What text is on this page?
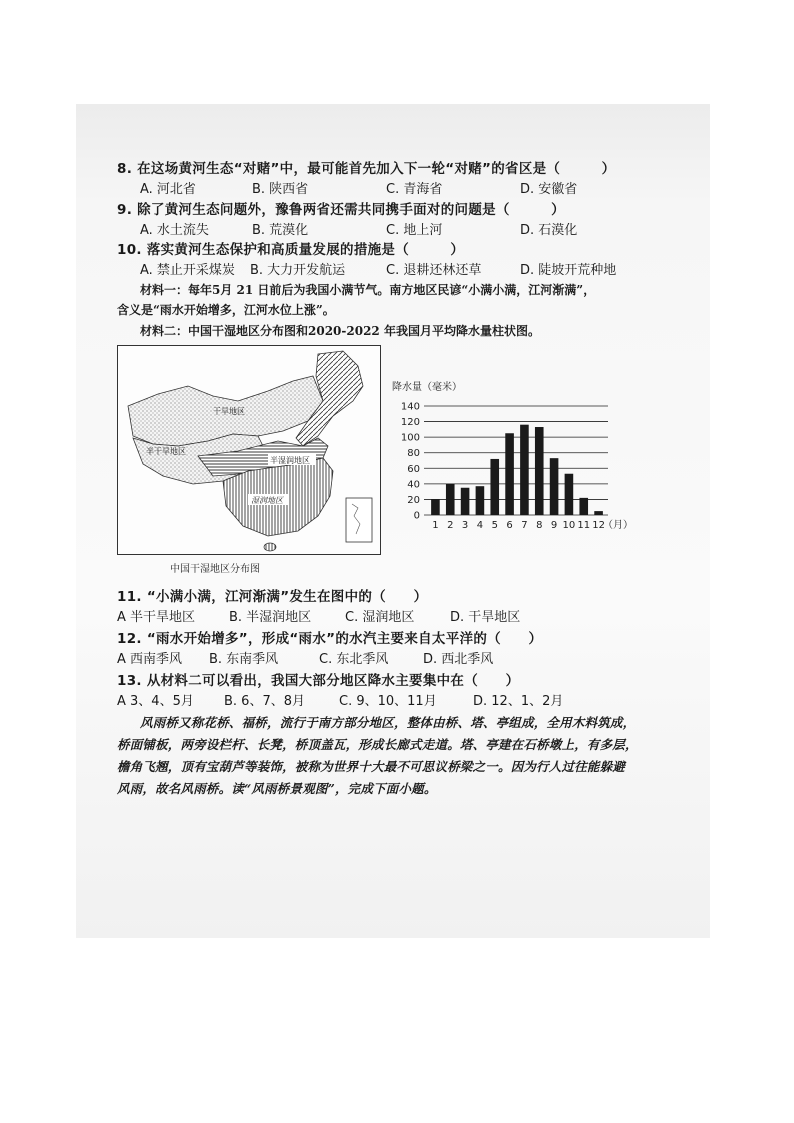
8. 在这场黄河生态“对赌”中，最可能首先加入下一轮“对赌”的省区是（　　　）
A. 河北省	B. 陕西省	C. 青海省	D. 安徽省
9. 除了黄河生态问题外，豫鲁两省还需共同携手面对的问题是（　　　）
A. 水土流失	B. 荒漠化	C. 地上河	D. 石漠化
10. 落实黄河生态保护和高质量发展的措施是（　　　）
A. 禁止开采煤炭 B. 大力开发航运	C. 退耕还林还草	D. 陡坡开荒种地
材料一：每年5月 21 日前后为我国小满节气。南方地区民谚“小满小满，江河渐满”，
含义是“雨水开始增多，江河水位上涨”。
材料二：中国干湿地区分布图和2020-2022 年我国月平均降水量柱状图。
干旱地区
半干旱地区
半湿润地区
湿润地区
中国干湿地区分布图
降水量（毫米）
0
20
40
60
80
100
120
140
1 2 3 4 5 6 7 8 9 10 11 12
（月）
11. “小满小满，江河渐满”发生在图中的（　　）
A 半干旱地区	B. 半湿润地区	C. 湿润地区	D. 干旱地区
12. “雨水开始增多”，形成“雨水”的水汽主要来自太平洋的（　　）
A 西南季风 B. 东南季风	C. 东北季风	D. 西北季风
13. 从材料二可以看出，我国大部分地区降水主要集中在（　　）
A 3、4、5月 B. 6、7、8月	C. 9、10、11月	D. 12、1、2月
风雨桥又称花桥、福桥，流行于南方部分地区，整体由桥、塔、亭组成，全用木料筑成，
桥面铺板，两旁设栏杆、长凳，桥顶盖瓦，形成长廊式走道。塔、亭建在石桥墩上，有多层，
檐角飞翘，顶有宝葫芦等装饰，被称为世界十大最不可思议桥梁之一。因为行人过往能躲避
风雨，故名风雨桥。读“风雨桥景观图”，完成下面小题。
